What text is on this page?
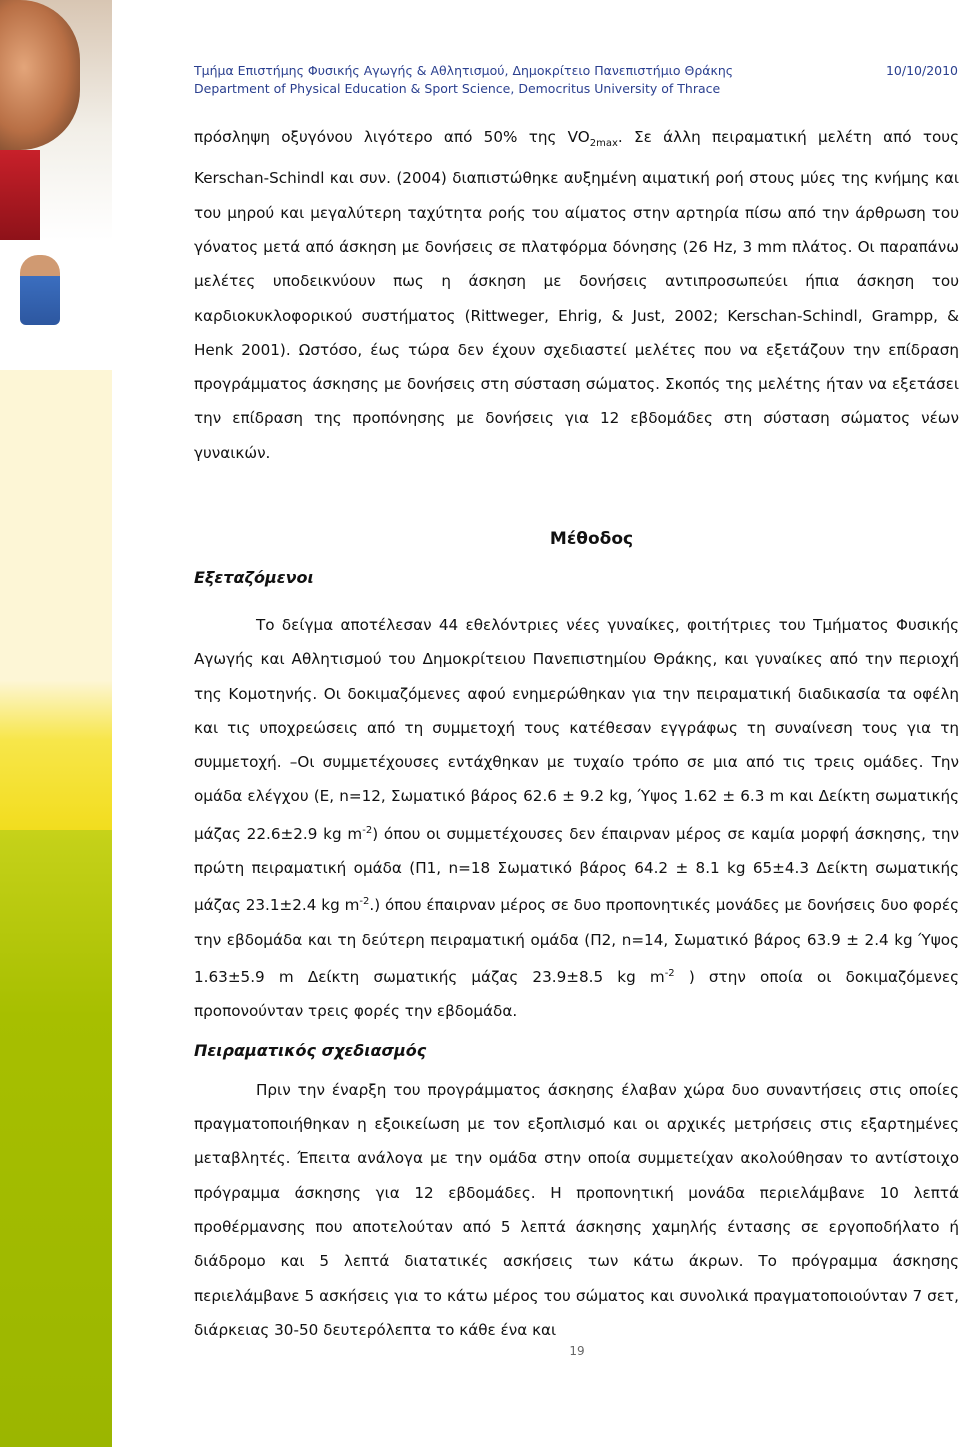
Τμήμα Επιστήμης Φυσικής Αγωγής & Αθλητισμού, Δημοκρίτειο Πανεπιστήμιο Θράκης
Department of Physical Education & Sport Science, Democritus University of Thrace
10/10/2010

πρόσληψη οξυγόνου λιγότερο από 50% της $VO_{2max}$. Σε άλλη πειραματική μελέτη από τους Kerschan-Schindl και συν. (2004) διαπιστώθηκε αυξημένη αιματική ροή στους μύες της κνήμης και του μηρού και μεγαλύτερη ταχύτητα ροής του αίματος στην αρτηρία πίσω από την άρθρωση του γόνατος μετά από άσκηση με δονήσεις σε πλατφόρμα δόνησης (26 Hz, 3 mm πλάτος. Οι παραπάνω μελέτες υποδεικνύουν πως η άσκηση με δονήσεις αντιπροσωπεύει ήπια άσκηση του καρδιοκυκλοφορικού συστήματος (Rittweger, Ehrig, & Just, 2002; Kerschan-Schindl, Grampp, & Henk 2001). Ωστόσο, έως τώρα δεν έχουν σχεδιαστεί μελέτες που να εξετάζουν την επίδραση προγράμματος άσκησης με δονήσεις στη σύσταση σώματος. Σκοπός της μελέτης ήταν να εξετάσει την επίδραση της προπόνησης με δονήσεις για 12 εβδομάδες στη σύσταση σώματος νέων γυναικών.

Μέθοδος
Εξεταζόμενοι

Το δείγμα αποτέλεσαν 44 εθελόντριες νέες γυναίκες, φοιτήτριες του Τμήματος Φυσικής Αγωγής και Αθλητισμού του Δημοκρίτειου Πανεπιστημίου Θράκης, και γυναίκες από την περιοχή της Κομοτηνής. Οι δοκιμαζόμενες αφού ενημερώθηκαν για την πειραματική διαδικασία τα οφέλη και τις υποχρεώσεις από τη συμμετοχή τους κατέθεσαν εγγράφως τη συναίνεση τους για τη συμμετοχή. –Οι συμμετέχουσες εντάχθηκαν με τυχαίο τρόπο σε μια από τις τρεις ομάδες. Την ομάδα ελέγχου (Ε, n=12, Σωματικό βάρος 62.6 ± 9.2 kg, Ύψος 1.62 ± 6.3 m και Δείκτη σωματικής μάζας 22.6±2.9 kg $m^{-2}$) όπου οι συμμετέχουσες δεν έπαιρναν μέρος σε καμία μορφή άσκησης, την πρώτη πειραματική ομάδα (Π1, n=18 Σωματικό βάρος 64.2 ± 8.1 kg 65±4.3 Δείκτη σωματικής μάζας 23.1±2.4 kg $m^{-2}$.) όπου έπαιρναν μέρος σε δυο προπονητικές μονάδες με δονήσεις δυο φορές την εβδομάδα και τη δεύτερη πειραματική ομάδα (Π2, n=14, Σωματικό βάρος 63.9 ± 2.4 kg Ύψος 1.63±5.9 m Δείκτη σωματικής μάζας 23.9±8.5 kg $m^{-2}$ ) στην οποία οι δοκιμαζόμενες προπονούνταν τρεις φορές την εβδομάδα.

Πειραματικός σχεδιασμός

Πριν την έναρξη του προγράμματος άσκησης έλαβαν χώρα δυο συναντήσεις στις οποίες πραγματοποιήθηκαν η εξοικείωση με τον εξοπλισμό και οι αρχικές μετρήσεις στις εξαρτημένες μεταβλητές. Έπειτα ανάλογα με την ομάδα στην οποία συμμετείχαν ακολούθησαν το αντίστοιχο πρόγραμμα άσκησης για 12 εβδομάδες. Η προπονητική μονάδα περιελάμβανε 10 λεπτά προθέρμανσης που αποτελούταν από 5 λεπτά άσκησης χαμηλής έντασης σε εργοποδήλατο ή διάδρομο και 5 λεπτά διατατικές ασκήσεις των κάτω άκρων. Το πρόγραμμα άσκησης περιελάμβανε 5 ασκήσεις για το κάτω μέρος του σώματος και συνολικά πραγματοποιούνταν 7 σετ, διάρκειας 30-50 δευτερόλεπτα το κάθε ένα και

19
